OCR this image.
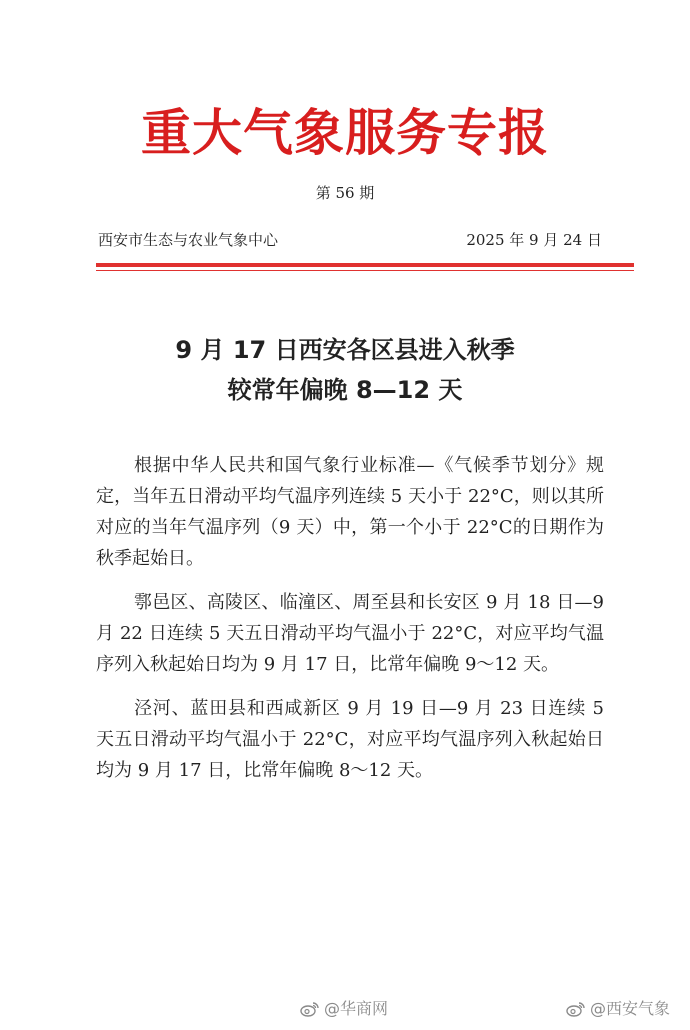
重大气象服务专报
第 56 期
西安市生态与农业气象中心	2025 年 9 月 24 日
9 月 17 日西安各区县进入秋季
较常年偏晚 8—12 天

根据中华人民共和国气象行业标准—《气候季节划分》规定，当年五日滑动平均气温序列连续 5 天小于 22°C，则以其所对应的当年气温序列（9 天）中，第一个小于 22°C的日期作为秋季起始日。

鄠邑区、高陵区、临潼区、周至县和长安区 9 月 18 日—9 月 22 日连续 5 天五日滑动平均气温小于 22°C，对应平均气温序列入秋起始日均为 9 月 17 日，比常年偏晚 9～12 天。

泾河、蓝田县和西咸新区 9 月 19 日—9 月 23 日连续 5 天五日滑动平均气温小于 22°C，对应平均气温序列入秋起始日均为 9 月 17 日，比常年偏晚 8～12 天。

@华商网	@西安气象
